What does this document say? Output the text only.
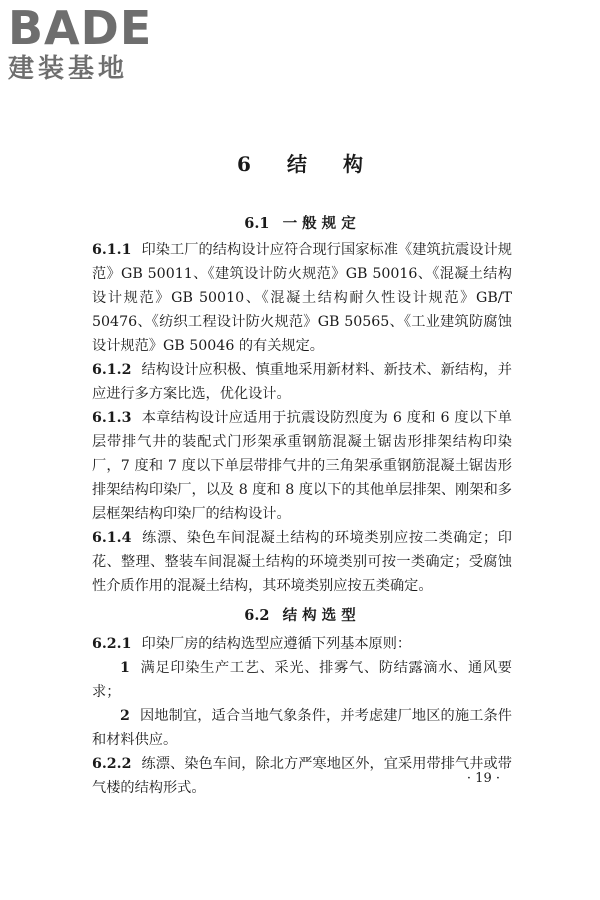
BADE
建装基地
6 结 构
6.1 一 般 规 定

6.1.1 印染工厂的结构设计应符合现行国家标准《建筑抗震设计规范》GB 50011、《建筑设计防火规范》GB 50016、《混凝土结构设计规范》GB 50010、《混凝土结构耐久性设计规范》GB/T 50476、《纺织工程设计防火规范》GB 50565、《工业建筑防腐蚀设计规范》GB 50046 的有关规定。

6.1.2 结构设计应积极、慎重地采用新材料、新技术、新结构，并应进行多方案比选，优化设计。

6.1.3 本章结构设计应适用于抗震设防烈度为 6 度和 6 度以下单层带排气井的装配式门形架承重钢筋混凝土锯齿形排架结构印染厂，7 度和 7 度以下单层带排气井的三角架承重钢筋混凝土锯齿形排架结构印染厂，以及 8 度和 8 度以下的其他单层排架、刚架和多层框架结构印染厂的结构设计。

6.1.4 练漂、染色车间混凝土结构的环境类别应按二类确定；印花、整理、整装车间混凝土结构的环境类别可按一类确定；受腐蚀性介质作用的混凝土结构，其环境类别应按五类确定。

6.2 结 构 选 型

6.2.1 印染厂房的结构选型应遵循下列基本原则：

1 满足印染生产工艺、采光、排雾气、防结露滴水、通风要求；

2 因地制宜，适合当地气象条件，并考虑建厂地区的施工条件和材料供应。

6.2.2 练漂、染色车间，除北方严寒地区外，宜采用带排气井或带气楼的结构形式。

· 19 ·
